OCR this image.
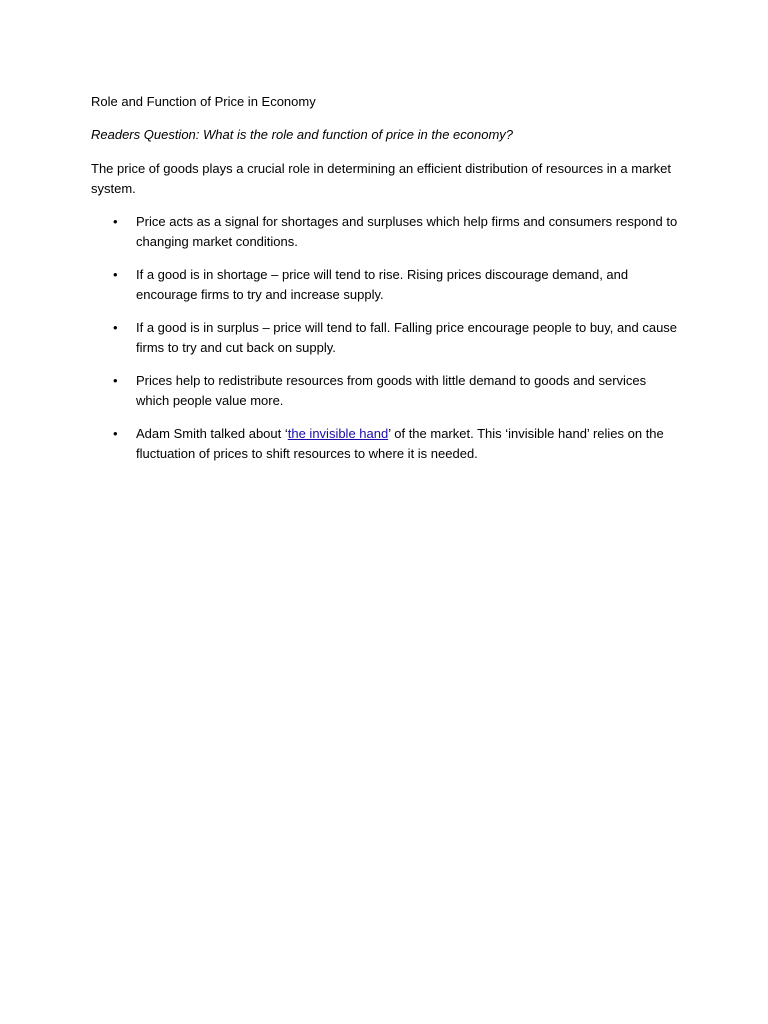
Role and Function of Price in Economy

Readers Question: What is the role and function of price in the economy?

The price of goods plays a crucial role in determining an efficient distribution of resources in a market system.

• Price acts as a signal for shortages and surpluses which help firms and consumers respond to changing market conditions.
• If a good is in shortage – price will tend to rise. Rising prices discourage demand, and encourage firms to try and increase supply.
• If a good is in surplus – price will tend to fall. Falling price encourage people to buy, and cause firms to try and cut back on supply.
• Prices help to redistribute resources from goods with little demand to goods and services which people value more.
• Adam Smith talked about ‘the invisible hand’ of the market. This ‘invisible hand’ relies on the fluctuation of prices to shift resources to where it is needed.
